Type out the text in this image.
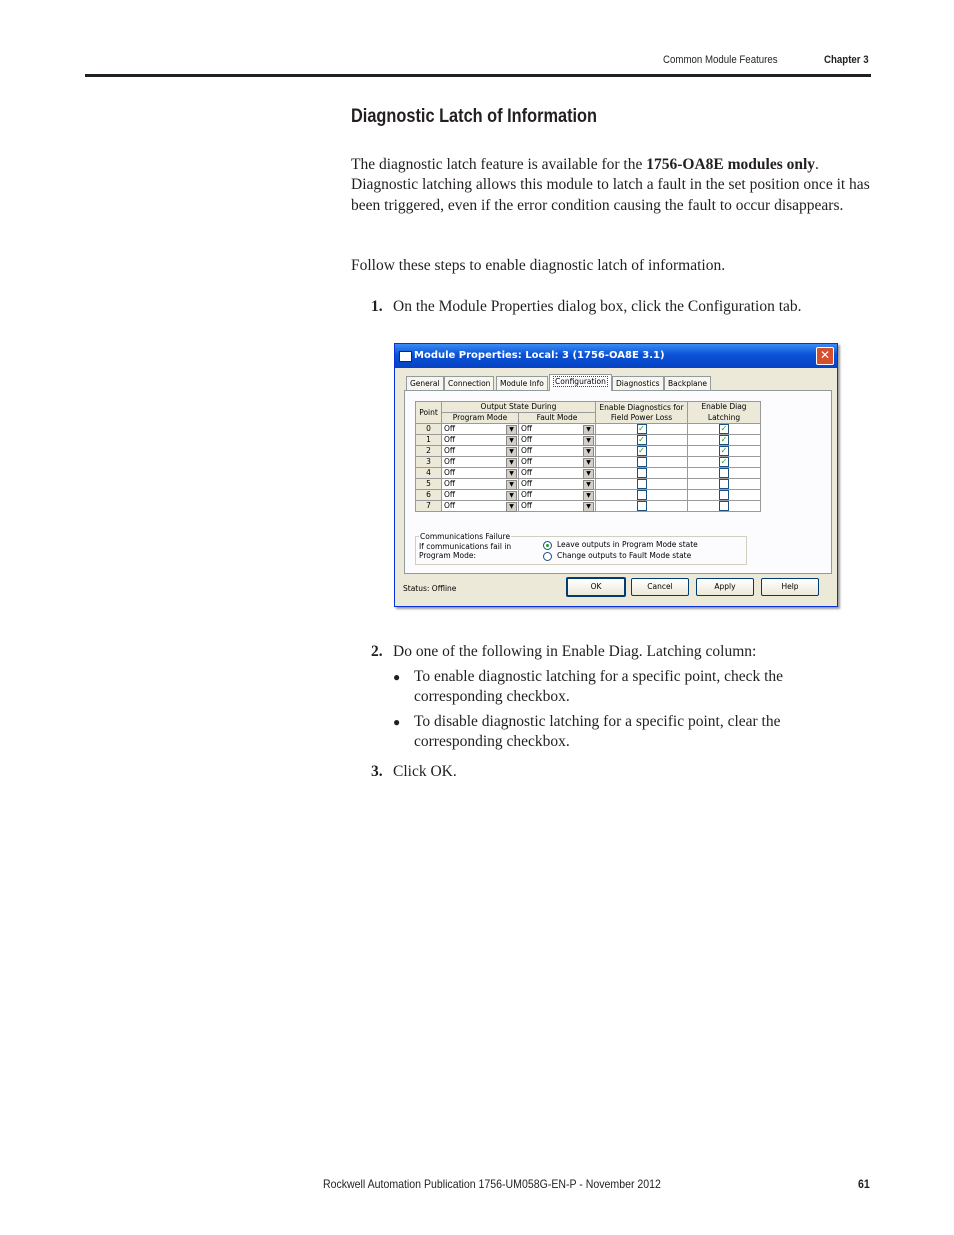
Common Module Features	Chapter 3
Diagnostic Latch of Information

The diagnostic latch feature is available for the 1756-OA8E modules only. Diagnostic latching allows this module to latch a fault in the set position once it has been triggered, even if the error condition causing the fault to occur disappears.

Follow these steps to enable diagnostic latch of information.

1. On the Module Properties dialog box, click the Configuration tab.
Module Properties: Local: 3 (1756-OA8E 3.1)	✕
General	Connection	Module Info	Configuration	Diagnostics	Backplane
Point	Output State During		Enable Diagnostics for Field Power Loss	Enable Diag
	Program Mode	Fault Mode		Latching
0	Off ▼	Off ▼	✓	✓
1	Off ▼	Off ▼	✓	✓
2	Off ▼	Off ▼	✓	✓
3	Off ▼	Off ▼		✓
4	Off ▼	Off ▼		

5	Off ▼	Off ▼		

6	Off ▼	Off ▼		

7	Off ▼	Off ▼		

Communications Failure
If communications fail in
Program Mode:
Leave outputs in Program Mode state
Change outputs to Fault Mode state
Status: Offline	OK	Cancel	Apply	Help
2. Do one of the following in Enable Diag. Latching column:
● To enable diagnostic latching for a specific point, check the corresponding checkbox.
● To disable diagnostic latching for a specific point, clear the corresponding checkbox.
3. Click OK.
Rockwell Automation Publication 1756-UM058G-EN-P - November 2012	61
